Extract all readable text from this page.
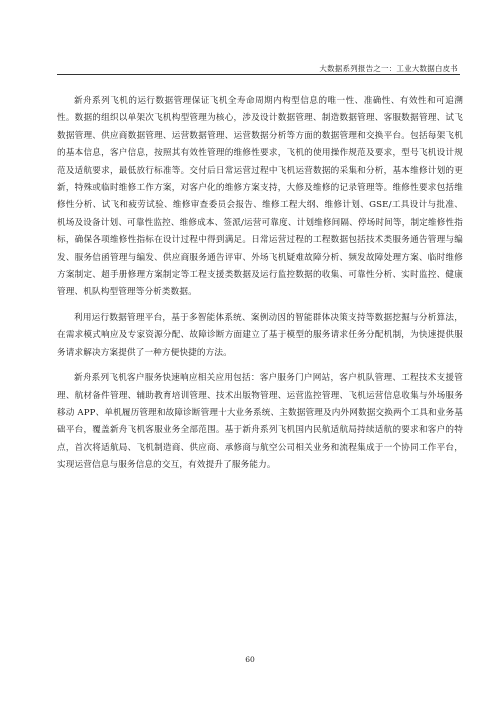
大数据系列报告之一：工业大数据白皮书

新舟系列飞机的运行数据管理保证飞机全寿命周期内构型信息的唯一性、准确性、有效性和可追溯性。数据的组织以单架次飞机构型管理为核心，涉及设计数据管理、制造数据管理、客服数据管理、试飞数据管理、供应商数据管理、运营数据管理、运营数据分析等方面的数据管理和交换平台。包括每架飞机的基本信息，客户信息，按照其有效性管理的维修性要求，飞机的使用操作规范及要求，型号飞机设计规范及适航要求，最低放行标准等。交付后日常运营过程中飞机运营数据的采集和分析，基本维修计划的更新，特殊或临时维修工作方案，对客户化的维修方案支持，大修及维修的记录管理等。维修性要求包括维修性分析、试飞和疲劳试验、维修审查委员会报告、维修工程大纲、维修计划、GSE/工具设计与批准、机场及设备计划、可靠性监控、维修成本、签派/运营可靠度、计划维修间隔、停场时间等，制定维修性指标，确保各项维修性指标在设计过程中得到满足。日常运营过程的工程数据包括技术类服务通告管理与编发、服务信函管理与编发、供应商服务通告评审、外场飞机疑难故障分析、频发故障处理方案、临时维修方案制定、超手册修理方案制定等工程支援类数据及运行监控数据的收集、可靠性分析、实时监控、健康管理、机队构型管理等分析类数据。

利用运行数据管理平台，基于多智能体系统、案例动因的智能群体决策支持等数据挖掘与分析算法，在需求模式响应及专家资源分配、故障诊断方面建立了基于模型的服务请求任务分配机制，为快速提供服务请求解决方案提供了一种方便快捷的方法。

新舟系列飞机客户服务快速响应相关应用包括：客户服务门户网站，客户机队管理、工程技术支援管理、航材备件管理、辅助教育培训管理、技术出版物管理、运营监控管理、飞机运营信息收集与外场服务移动 APP、单机履历管理和故障诊断管理十大业务系统、主数据管理及内外网数据交换两个工具和业务基础平台，覆盖新舟飞机客服业务全部范围。基于新舟系列飞机国内民航适航局持续适航的要求和客户的特点，首次将适航局、飞机制造商、供应商、承修商与航空公司相关业务和流程集成于一个协同工作平台，实现运营信息与服务信息的交互，有效提升了服务能力。

60
